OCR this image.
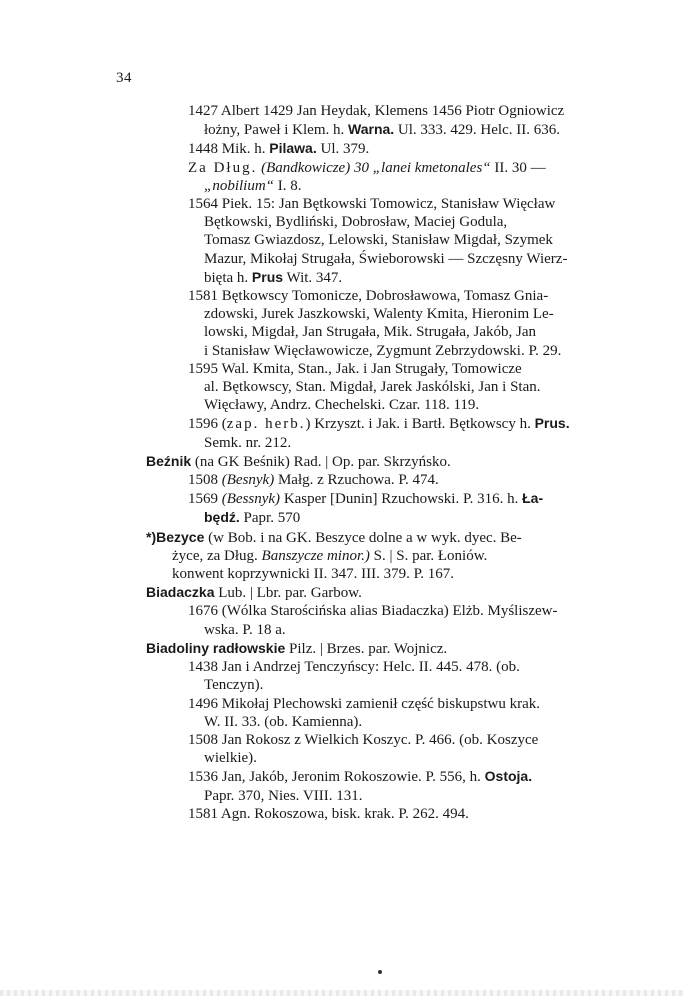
34
1427 Albert 1429 Jan Heydak, Klemens 1456 Piotr Ogniowicz
łożny, Paweł i Klem. h. Warna. Ul. 333. 429. Helc. II. 636.
1448 Mik. h. Pilawa. Ul. 379.
Za Dług. (Bandkowicze) 30 „lanei kmetonales“ II. 30 —
„nobilium“ I. 8.
1564 Piek. 15: Jan Bętkowski Tomowicz, Stanisław Więcław
Bętkowski, Bydliński, Dobrosław, Maciej Godula,
Tomasz Gwiazdosz, Lelowski, Stanisław Migdał, Szymek
Mazur, Mikołaj Strugała, Świeborowski — Szczęsny Wierz-
bięta h. Prus Wit. 347.
1581 Bętkowscy Tomonicze, Dobrosławowa, Tomasz Gnia-
zdowski, Jurek Jaszkowski, Walenty Kmita, Hieronim Le-
lowski, Migdał, Jan Strugała, Mik. Strugała, Jakób, Jan
i Stanisław Więcławowicze, Zygmunt Zebrzydowski. P. 29.
1595 Wal. Kmita, Stan., Jak. i Jan Strugały, Tomowicze
al. Bętkowscy, Stan. Migdał, Jarek Jaskólski, Jan i Stan.
Więcławy, Andrz. Chechelski. Czar. 118. 119.
1596 (zap. herb.) Krzyszt. i Jak. i Bartł. Bętkowscy h. Prus.
Semk. nr. 212.
Beźnik (na GK Beśnik) Rad. | Op. par. Skrzyńsko.
1508 (Besnyk) Małg. z Rzuchowa. P. 474.
1569 (Bessnyk) Kasper [Dunin] Rzuchowski. P. 316. h. Ła-
będź. Papr. 570
*)Bezyce (w Bob. i na GK. Beszyce dolne a w wyk. dyec. Be-
życe, za Dług. Banszycze minor.) S. | S. par. Łoniów.
konwent koprzywnicki II. 347. III. 379. P. 167.
Biadaczka Lub. | Lbr. par. Garbow.
1676 (Wólka Starościńska alias Biadaczka) Elżb. Myśliszew-
wska. P. 18 a.
Biadoliny radłowskie Pilz. | Brzes. par. Wojnicz.
1438 Jan i Andrzej Tenczyńscy: Helc. II. 445. 478. (ob.
Tenczyn).
1496 Mikołaj Plechowski zamienił część biskupstwu krak.
W. II. 33. (ob. Kamienna).
1508 Jan Rokosz z Wielkich Koszyc. P. 466. (ob. Koszyce
wielkie).
1536 Jan, Jakób, Jeronim Rokoszowie. P. 556, h. Ostoja.
Papr. 370, Nies. VIII. 131.
1581 Agn. Rokoszowa, bisk. krak. P. 262. 494.
